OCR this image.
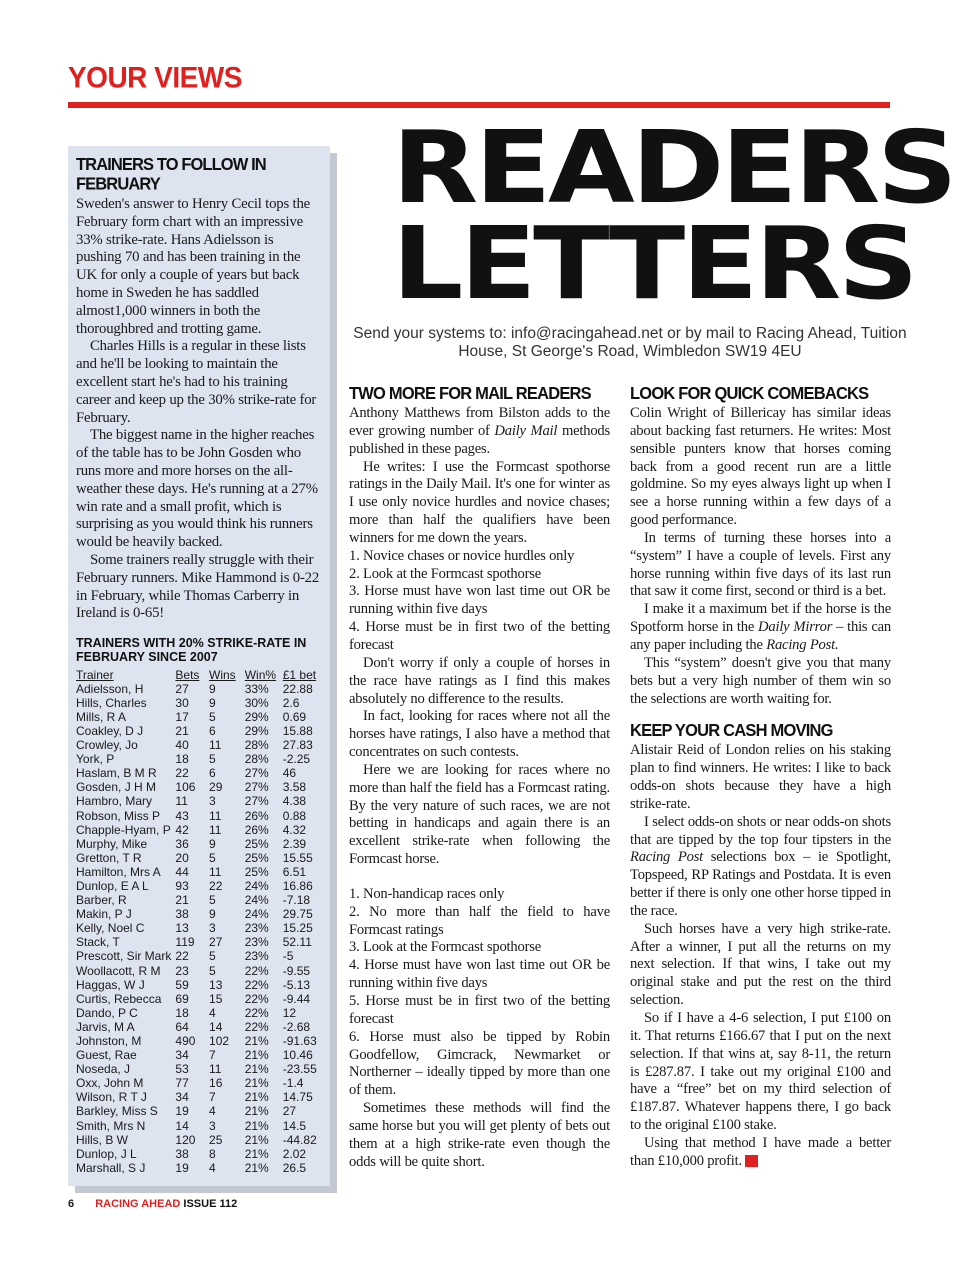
YOUR VIEWS
TRAINERS TO FOLLOW IN FEBRUARY

Sweden's answer to Henry Cecil tops the February form chart with an impressive 33% strike-rate. Hans Adielsson is pushing 70 and has been training in the UK for only a couple of years but back home in Sweden he has saddled almost1,000 winners in both the thoroughbred and trotting game.

Charles Hills is a regular in these lists and he'll be looking to maintain the excellent start he's had to his training career and keep up the 30% strike-rate for February.

The biggest name in the higher reaches of the table has to be John Gosden who runs more and more horses on the all-weather these days. He's running at a 27% win rate and a small profit, which is surprising as you would think his runners would be heavily backed.

Some trainers really struggle with their February runners. Mike Hammond is 0-22 in February, while Thomas Carberry in Ireland is 0-65!

TRAINERS WITH 20% STRIKE-RATE IN FEBRUARY SINCE 2007
Trainer	Bets	Wins	Win%	£1 bet
Adielsson, H	27	9	33%	22.88
Hills, Charles	30	9	30%	2.6
Mills, R A	17	5	29%	0.69
Coakley, D J	21	6	29%	15.88
Crowley, Jo	40	11	28%	27.83
York, P	18	5	28%	-2.25
Haslam, B M R	22	6	27%	46
Gosden, J H M	106	29	27%	3.58
Hambro, Mary	11	3	27%	4.38
Robson, Miss P	43	11	26%	0.88
Chapple-Hyam, P	42	11	26%	4.32
Murphy, Mike	36	9	25%	2.39
Gretton, T R	20	5	25%	15.55
Hamilton, Mrs A	44	11	25%	6.51
Dunlop, E A L	93	22	24%	16.86
Barber, R	21	5	24%	-7.18
Makin, P J	38	9	24%	29.75
Kelly, Noel C	13	3	23%	15.25
Stack, T	119	27	23%	52.11
Prescott, Sir Mark	22	5	23%	-5
Woollacott, R M	23	5	22%	-9.55
Haggas, W J	59	13	22%	-5.13
Curtis, Rebecca	69	15	22%	-9.44
Dando, P C	18	4	22%	12
Jarvis, M A	64	14	22%	-2.68
Johnston, M	490	102	21%	-91.63
Guest, Rae	34	7	21%	10.46
Noseda, J	53	11	21%	-23.55
Oxx, John M	77	16	21%	-1.4
Wilson, R T J	34	7	21%	14.75
Barkley, Miss S	19	4	21%	27
Smith, Mrs N	14	3	21%	14.5
Hills, B W	120	25	21%	-44.82
Dunlop, J L	38	8	21%	2.02
Marshall, S J	19	4	21%	26.5
READERS
LETTERS

Send your systems to: info@racingahead.net or by mail to Racing Ahead, Tuition House, St George's Road, Wimbledon SW19 4EU

TWO MORE FOR MAIL READERS

Anthony Matthews from Bilston adds to the ever growing number of Daily Mail methods published in these pages.

He writes: I use the Formcast spothorse ratings in the Daily Mail. It's one for winter as I use only novice hurdles and novice chases; more than half the qualifiers have been winners for me down the years.

1. Novice chases or novice hurdles only

2. Look at the Formcast spothorse

3. Horse must have won last time out OR be running within five days

4. Horse must be in first two of the betting forecast

Don't worry if only a couple of horses in the race have ratings as I find this makes absolutely no difference to the results.

In fact, looking for races where not all the horses have ratings, I also have a method that concentrates on such contests.

Here we are looking for races where no more than half the field has a Formcast rating. By the very nature of such races, we are not betting in handicaps and again there is an excellent strike-rate when following the Formcast horse.

1. Non-handicap races only

2. No more than half the field to have Formcast ratings

3. Look at the Formcast spothorse

4. Horse must have won last time out OR be running within five days

5. Horse must be in first two of the betting forecast

6. Horse must also be tipped by Robin Goodfellow, Gimcrack, Newmarket or Northerner – ideally tipped by more than one of them.

Sometimes these methods will find the same horse but you will get plenty of bets out them at a high strike-rate even though the odds will be quite short.

LOOK FOR QUICK COMEBACKS

Colin Wright of Billericay has similar ideas about backing fast returners. He writes: Most sensible punters know that horses coming back from a good recent run are a little goldmine. So my eyes always light up when I see a horse running within a few days of a good performance.

In terms of turning these horses into a “system” I have a couple of levels. First any horse running within five days of its last run that saw it come first, second or third is a bet.

I make it a maximum bet if the horse is the Spotform horse in the Daily Mirror – this can any paper including the Racing Post.

This “system” doesn't give you that many bets but a very high number of them win so the selections are worth waiting for.

KEEP YOUR CASH MOVING

Alistair Reid of London relies on his staking plan to find winners. He writes: I like to back odds-on shots because they have a high strike-rate.

I select odds-on shots or near odds-on shots that are tipped by the top four tipsters in the Racing Post selections box – ie Spotlight, Topspeed, RP Ratings and Postdata. It is even better if there is only one other horse tipped in the race.

Such horses have a very high strike-rate. After a winner, I put all the returns on my next selection. If that wins, I take out my original stake and put the rest on the third selection.

So if I have a 4-6 selection, I put £100 on it. That returns £166.67 that I put on the next selection. If that wins at, say 8-11, the return is £287.87. I take out my original £100 and have a “free” bet on my third selection of £187.87. Whatever happens there, I go back to the original £100 stake.

Using that method I have made a better than £10,000 profit.

6 RACING AHEAD ISSUE 112
